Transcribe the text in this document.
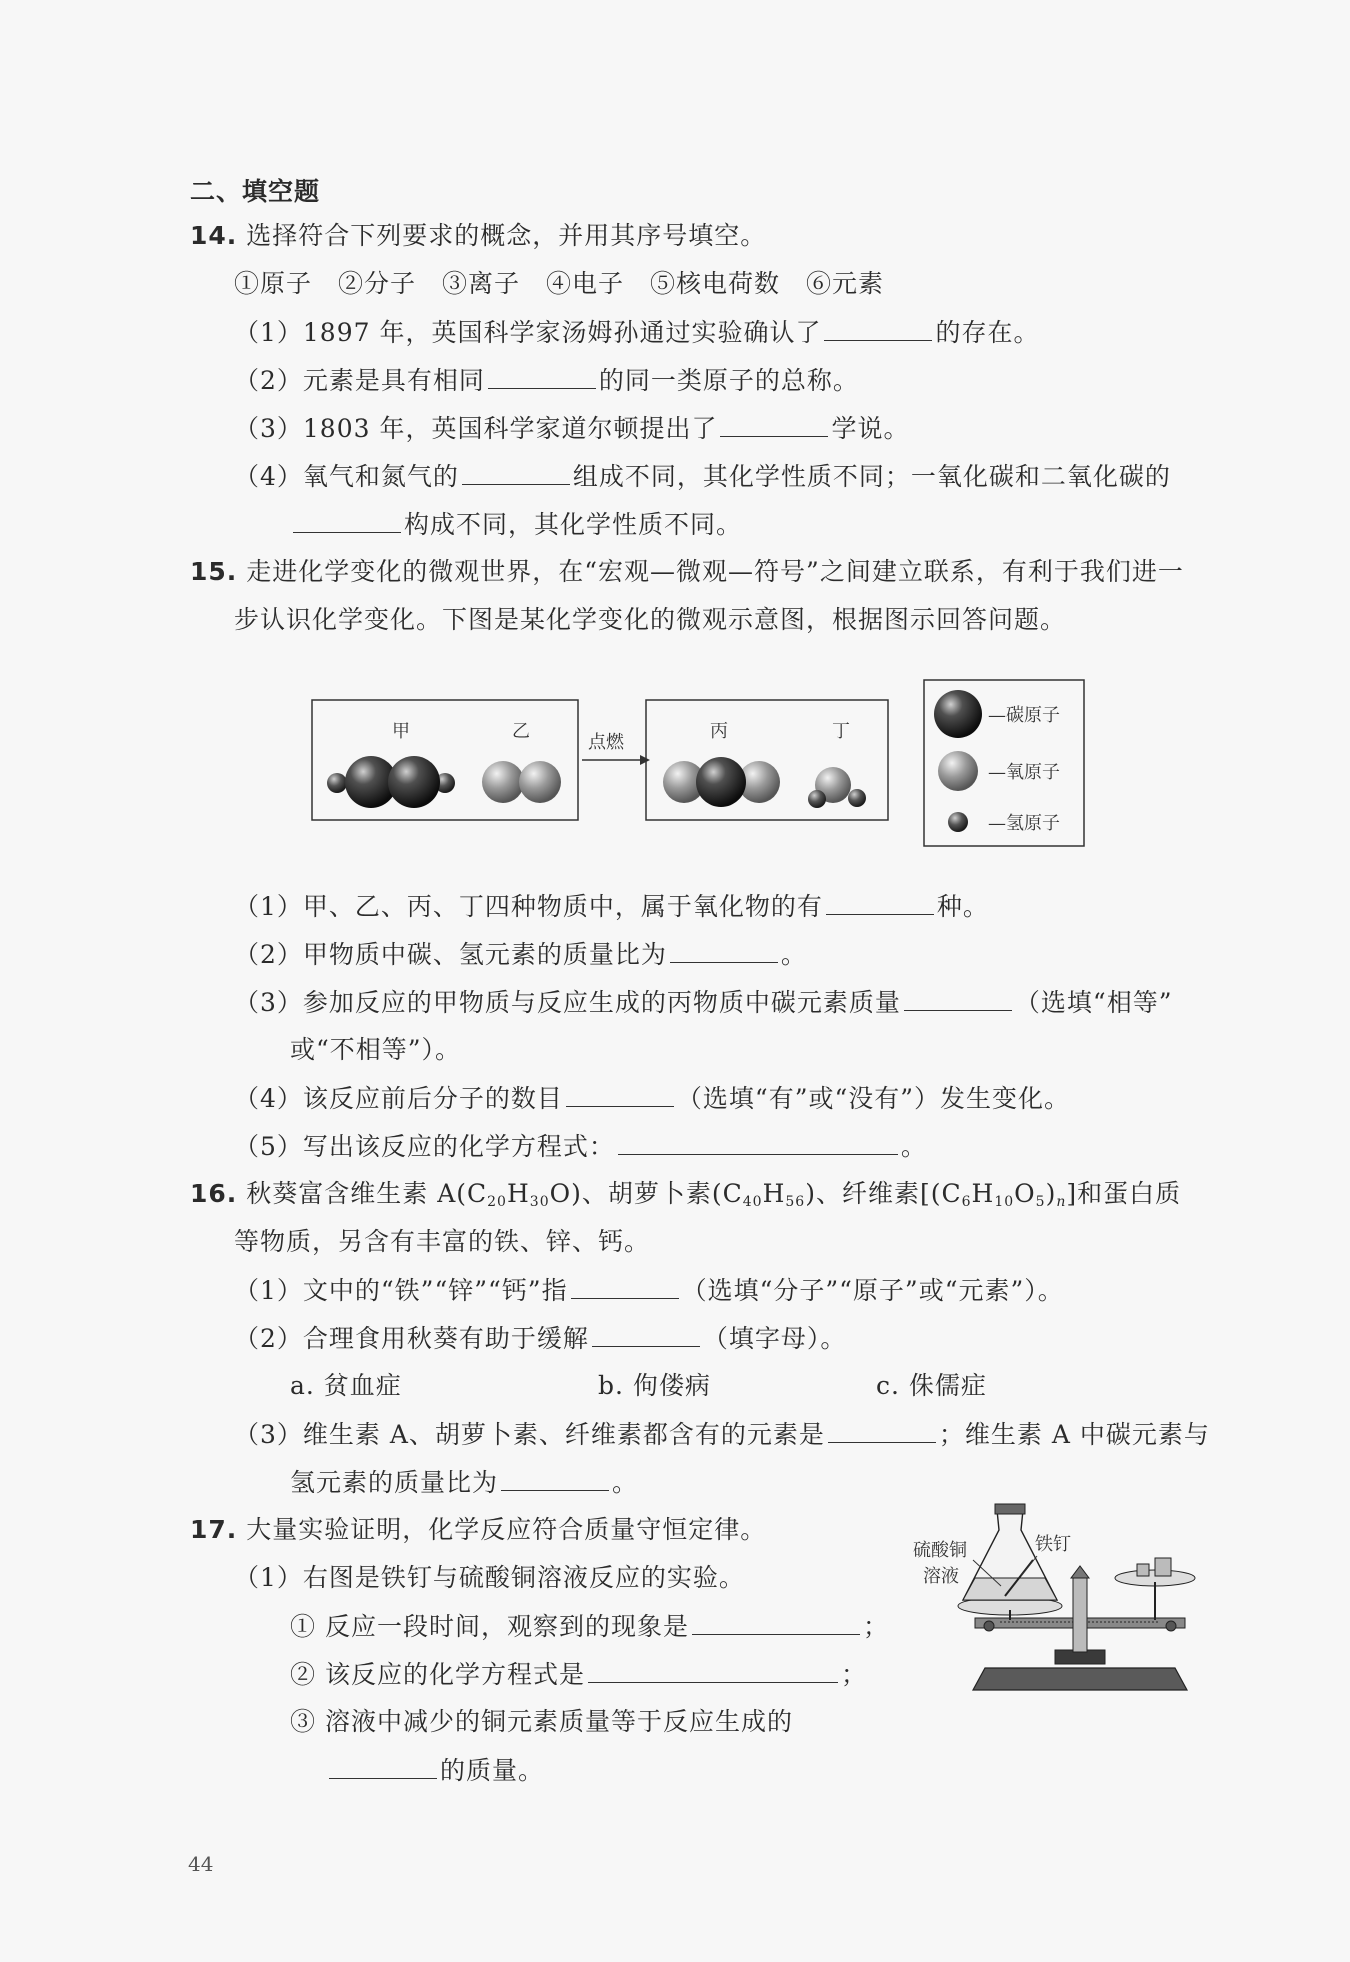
二、填空题
14. 选择符合下列要求的概念，并用其序号填空。
①原子　②分子　③离子　④电子　⑤核电荷数　⑥元素
（1）1897 年，英国科学家汤姆孙通过实验确认了	的存在。
（2）元素是具有相同	的同一类原子的总称。
（3）1803 年，英国科学家道尔顿提出了	学说。
（4）氧气和氮气的	组成不同，其化学性质不同；一氧化碳和二氧化碳的
构成不同，其化学性质不同。
15. 走进化学变化的微观世界，在“宏观—微观—符号”之间建立联系，有利于我们进一
步认识化学变化。下图是某化学变化的微观示意图，根据图示回答问题。
甲	乙
点燃
丙	丁
—碳原子
—氧原子
—氢原子
（1）甲、乙、丙、丁四种物质中，属于氧化物的有	种。
（2）甲物质中碳、氢元素的质量比为	。
（3）参加反应的甲物质与反应生成的丙物质中碳元素质量	（选填“相等”
或“不相等”）。
（4）该反应前后分子的数目	（选填“有”或“没有”）发生变化。
（5）写出该反应的化学方程式：	。
16. 秋葵富含维生素 $A(C_{20}H_{30}O)$、胡萝卜素$(C_{40}H_{56})$、纤维素$[(C_6H_{10}O_5)_n]$和蛋白质
等物质，另含有丰富的铁、锌、钙。
（1）文中的“铁”“锌”“钙”指	（选填“分子”“原子”或“元素”）。
（2）合理食用秋葵有助于缓解	（填字母）。
a. 贫血症	b. 佝偻病	c. 侏儒症
（3）维生素 A、胡萝卜素、纤维素都含有的元素是	；维生素 A 中碳元素与
氢元素的质量比为	。
17. 大量实验证明，化学反应符合质量守恒定律。
（1）右图是铁钉与硫酸铜溶液反应的实验。
① 反应一段时间，观察到的现象是	；
② 该反应的化学方程式是	；
③ 溶液中减少的铜元素质量等于反应生成的
的质量。
硫酸铜
溶液
铁钉
44
